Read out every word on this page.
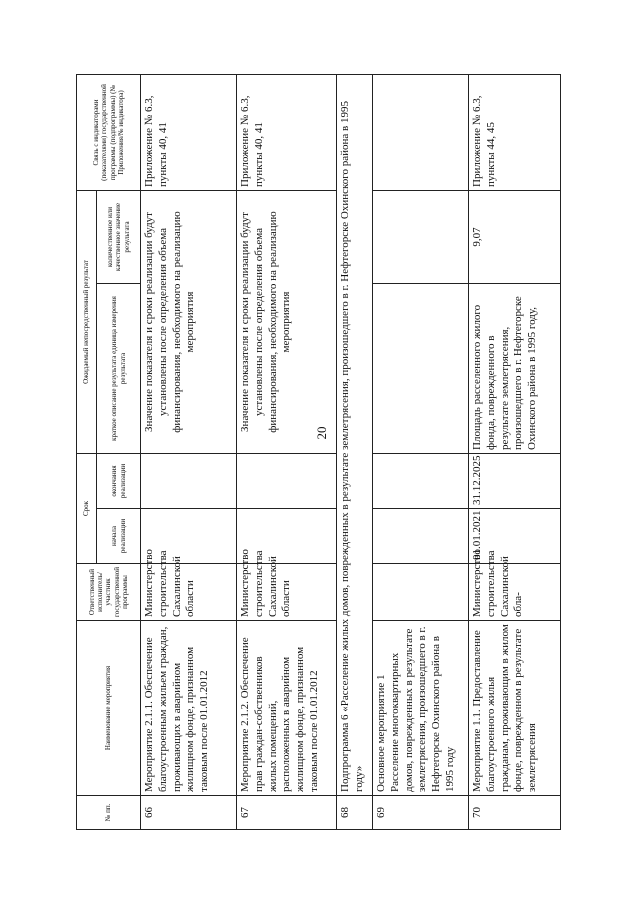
20
№ пп.	Наименование мероприятия	Ответственный исполнитель/участник государственной программы	Срок		Ожидаемый непосредственный результат		Связь с индикаторами (показателями) государственной программы (подпрограммы) (№ Приложения/№ индикатора)
			начала реализации	окончания реализации	краткое описание результата единица измерения результата	количественное или качественное значение результата	
66	Мероприятие 2.1.1. Обеспечение благоустроенным жильем граждан, проживающих в аварийном жилищном фонде, признанном таковым после 01.01.2012	Министерство строительства Сахалинской области			Значение показателя и сроки реализации будут установлены после определения объема финансирования, необходимого на реализацию мероприятия		Приложение № 6.3, пункты 40, 41
67	Мероприятие 2.1.2. Обеспечение прав граждан-собственников жилых помещений, расположенных в аварийном жилищном фонде, признанном таковым после 01.01.2012	Министерство строительства Сахалинской области			Значение показателя и сроки реализации будут установлены после определения объема финансирования, необходимого на реализацию мероприятия		Приложение № 6.3, пункты 40, 41
68	Подпрограмма 6 «Расселение жилых домов, поврежденных в результате землетрясения, произошедшего в г. Нефтегорске Охинского района в 1995 году»						
69	Основное мероприятие 1 Расселение многоквартирных домов, поврежденных в результате землетрясения, произошедшего в г. Нефтегорске Охинского района в 1995 году						
70	Мероприятие 1.1. Предоставление благоустроенного жилья гражданам, проживающим в жилом фонде, поврежденном в результате землетрясения	Министерство строительства Сахалинской обла-	01.01.2021	31.12.2025	Площадь расселенного жилого фонда, поврежденного в результате землетрясения, произошедшего в г. Нефтегорске Охинского района в 1995 году,	9,07	Приложение № 6.3, пункты 44, 45
